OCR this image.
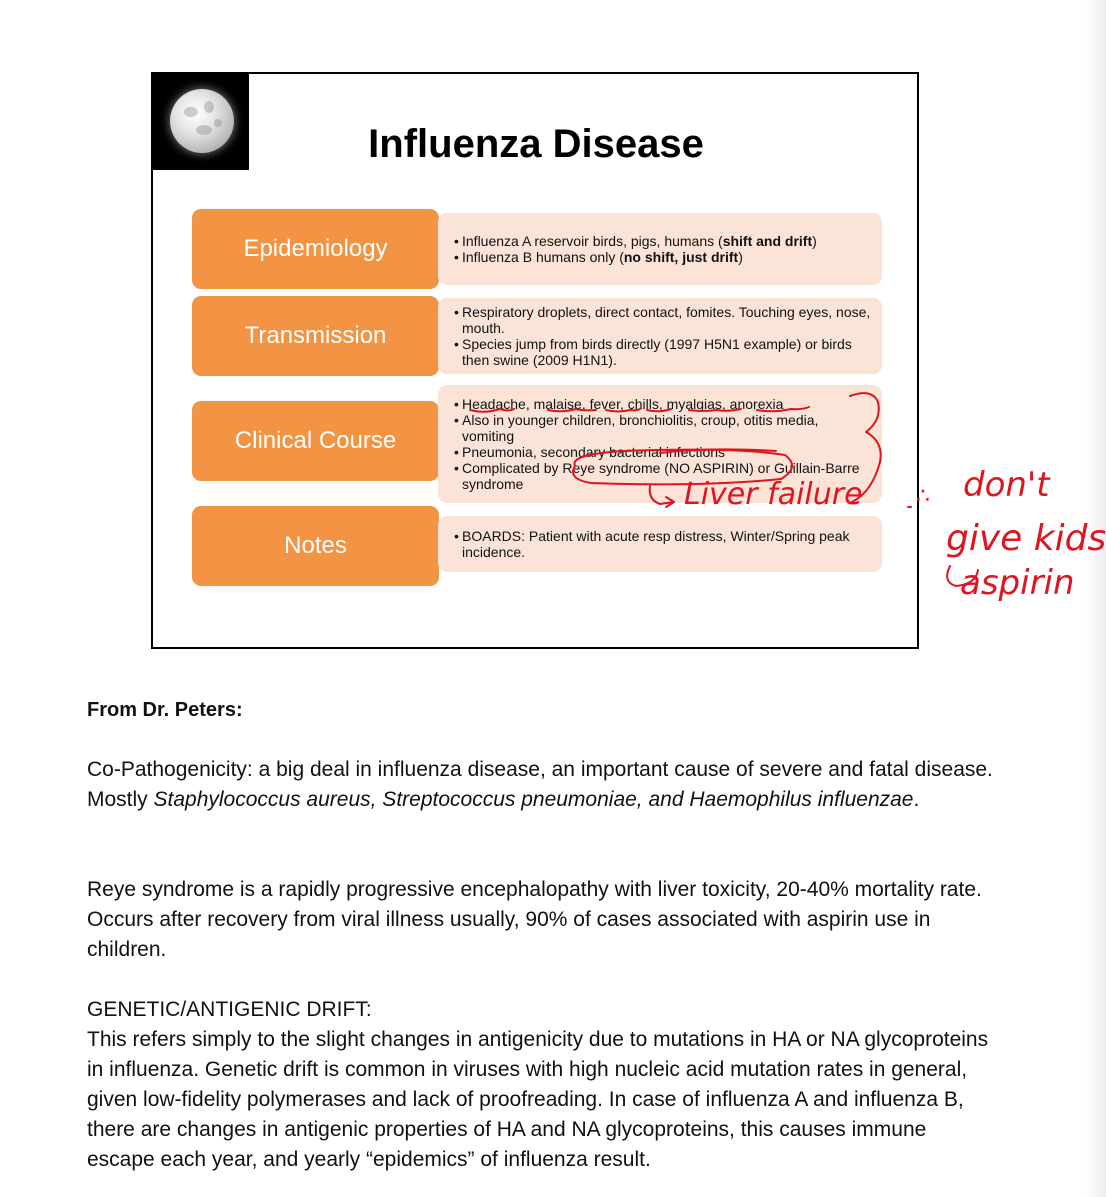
Influenza Disease
Epidemiology	• Influenza A reservoir birds, pigs, humans (shift and drift)
• Influenza B humans only (no shift, just drift)
Transmission
• Respiratory droplets, direct contact, fomites. Touching eyes, nose, mouth.
• Species jump from birds directly (1997 H5N1 example) or birds then swine (2009 H1N1).
Clinical Course
• Headache, malaise, fever, chills, myalgias, anorexia
• Also in younger children, bronchiolitis, croup, otitis media, vomiting
• Pneumonia, secondary bacterial infections
• Complicated by Reye syndrome (NO ASPIRIN) or Guillain-Barre syndrome
Notes	• BOARDS: Patient with acute resp distress, Winter/Spring peak incidence.
Liver failure ∴ don't
give kids
aspirin
From Dr. Peters:
Co-Pathogenicity: a big deal in influenza disease, an important cause of severe and fatal disease. Mostly Staphylococcus aureus, Streptococcus pneumoniae, and Haemophilus influenzae.
Reye syndrome is a rapidly progressive encephalopathy with liver toxicity, 20-40% mortality rate. Occurs after recovery from viral illness usually, 90% of cases associated with aspirin use in children.
GENETIC/ANTIGENIC DRIFT:
This refers simply to the slight changes in antigenicity due to mutations in HA or NA glycoproteins in influenza. Genetic drift is common in viruses with high nucleic acid mutation rates in general, given low-fidelity polymerases and lack of proofreading. In case of influenza A and influenza B, there are changes in antigenic properties of HA and NA glycoproteins, this causes immune escape each year, and yearly “epidemics” of influenza result.
